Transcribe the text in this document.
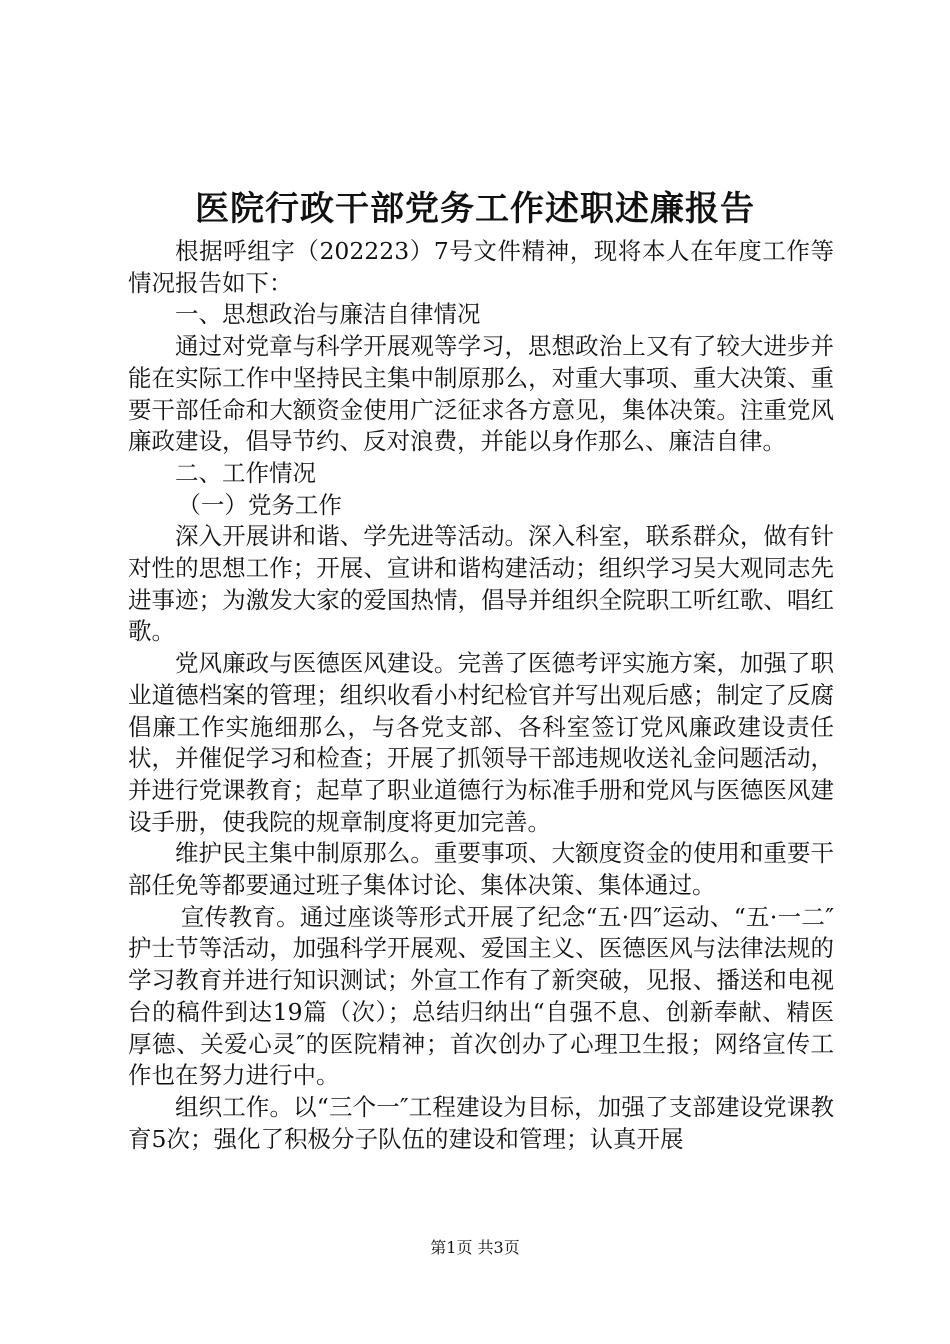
医院行政干部党务工作述职述廉报告

根据呼组字（202223）7号文件精神，现将本人在年度工作等情况报告如下：

一、思想政治与廉洁自律情况

通过对党章与科学开展观等学习，思想政治上又有了较大进步并能在实际工作中坚持民主集中制原那么，对重大事项、重大决策、重要干部任命和大额资金使用广泛征求各方意见，集体决策。注重党风廉政建设，倡导节约、反对浪费，并能以身作那么、廉洁自律。

二、工作情况

（一）党务工作

深入开展讲和谐、学先进等活动。深入科室，联系群众，做有针对性的思想工作；开展、宣讲和谐构建活动；组织学习吴大观同志先进事迹；为激发大家的爱国热情，倡导并组织全院职工听红歌、唱红歌。

党风廉政与医德医风建设。完善了医德考评实施方案，加强了职业道德档案的管理；组织收看小村纪检官并写出观后感；制定了反腐倡廉工作实施细那么，与各党支部、各科室签订党风廉政建设责任状，并催促学习和检查；开展了抓领导干部违规收送礼金问题活动，并进行党课教育；起草了职业道德行为标准手册和党风与医德医风建设手册，使我院的规章制度将更加完善。

维护民主集中制原那么。重要事项、大额度资金的使用和重要干部任免等都要通过班子集体讨论、集体决策、集体通过。

宣传教育。通过座谈等形式开展了纪念“五·四″运动、“五·一二″护士节等活动，加强科学开展观、爱国主义、医德医风与法律法规的学习教育并进行知识测试；外宣工作有了新突破，见报、播送和电视台的稿件到达19篇（次）；总结归纳出“自强不息、创新奉献、精医厚德、关爱心灵″的医院精神；首次创办了心理卫生报；网络宣传工作也在努力进行中。

组织工作。以“三个一″工程建设为目标，加强了支部建设党课教育5次；强化了积极分子队伍的建设和管理；认真开展

第1页 共3页
